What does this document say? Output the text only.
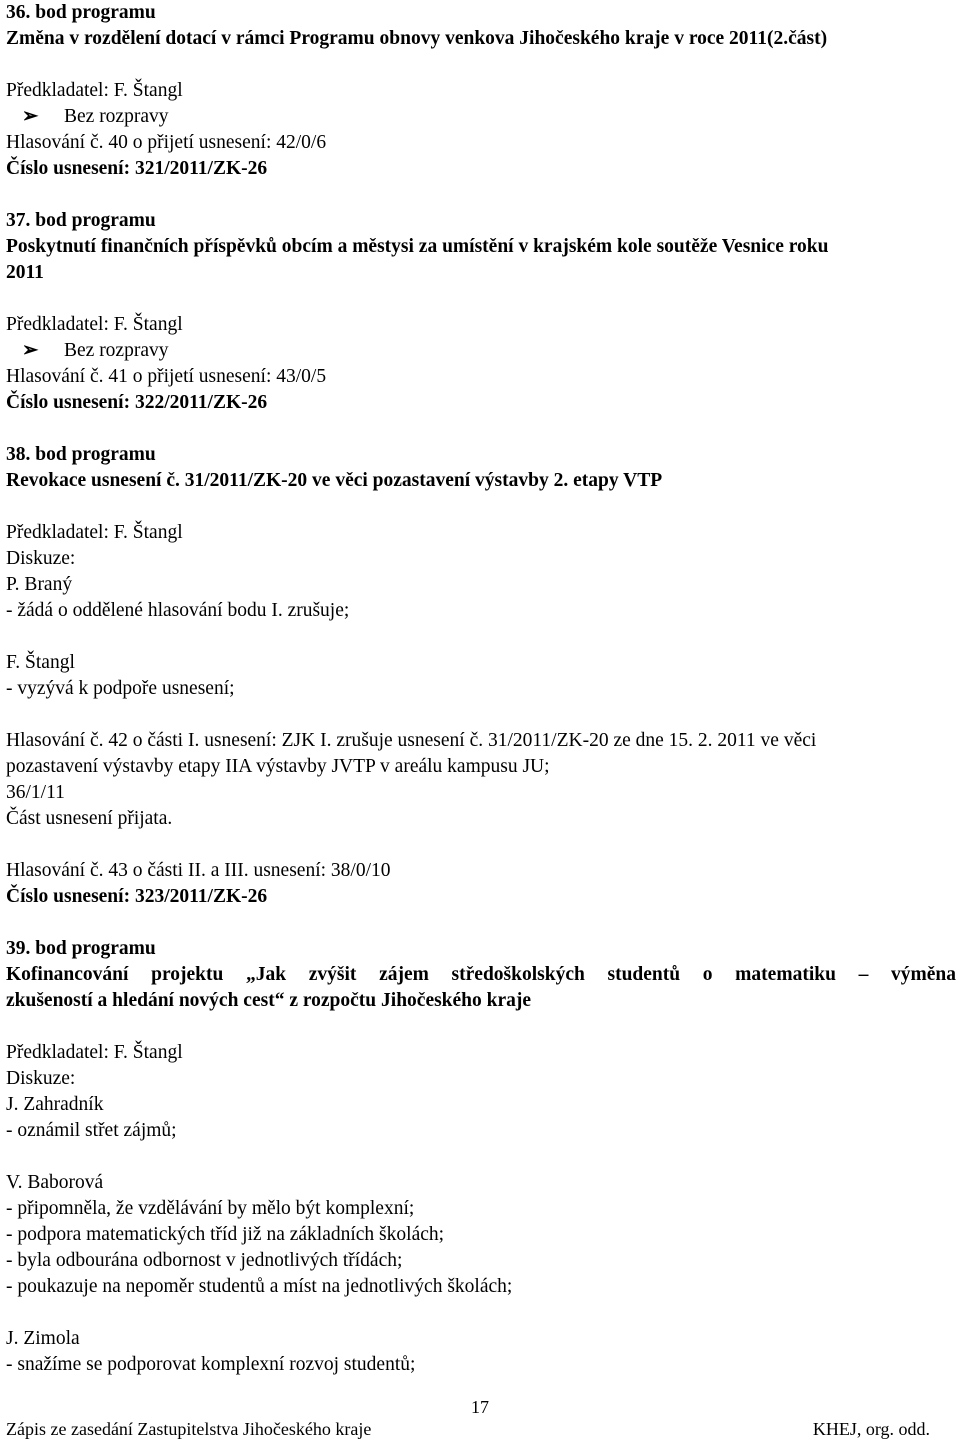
36. bod programu
Změna v rozdělení dotací v rámci Programu obnovy venkova Jihočeského kraje v roce 2011(2.část)
Předkladatel: F. Štangl
➢ Bez rozpravy
Hlasování č. 40 o přijetí usnesení: 42/0/6
Číslo usnesení: 321/2011/ZK-26
37. bod programu
Poskytnutí finančních příspěvků obcím a městysi za umístění v krajském kole soutěže Vesnice roku
2011
Předkladatel: F. Štangl
➢ Bez rozpravy
Hlasování č. 41 o přijetí usnesení: 43/0/5
Číslo usnesení: 322/2011/ZK-26
38. bod programu
Revokace usnesení č. 31/2011/ZK-20 ve věci pozastavení výstavby 2. etapy VTP
Předkladatel: F. Štangl
Diskuze:
P. Braný
- žádá o oddělené hlasování bodu I. zrušuje;
F. Štangl
- vyzývá k podpoře usnesení;
Hlasování č. 42 o části I. usnesení: ZJK I. zrušuje usnesení č. 31/2011/ZK-20 ze dne 15. 2. 2011 ve věci
pozastavení výstavby etapy IIA výstavby JVTP v areálu kampusu JU;
36/1/11
Část usnesení přijata.
Hlasování č. 43 o části II. a III. usnesení: 38/0/10
Číslo usnesení: 323/2011/ZK-26
39. bod programu
Kofinancování projektu „Jak zvýšit zájem středoškolských studentů o matematiku – výměna
zkušeností a hledání nových cest“ z rozpočtu Jihočeského kraje
Předkladatel: F. Štangl
Diskuze:
J. Zahradník
- oznámil střet zájmů;
V. Baborová
- připomněla, že vzdělávání by mělo být komplexní;
- podpora matematických tříd již na základních školách;
- byla odbourána odbornost v jednotlivých třídách;
- poukazuje na nepoměr studentů a míst na jednotlivých školách;
J. Zimola
- snažíme se podporovat komplexní rozvoj studentů;
17
Zápis ze zasedání Zastupitelstva Jihočeského kraje	KHEJ, org. odd.
